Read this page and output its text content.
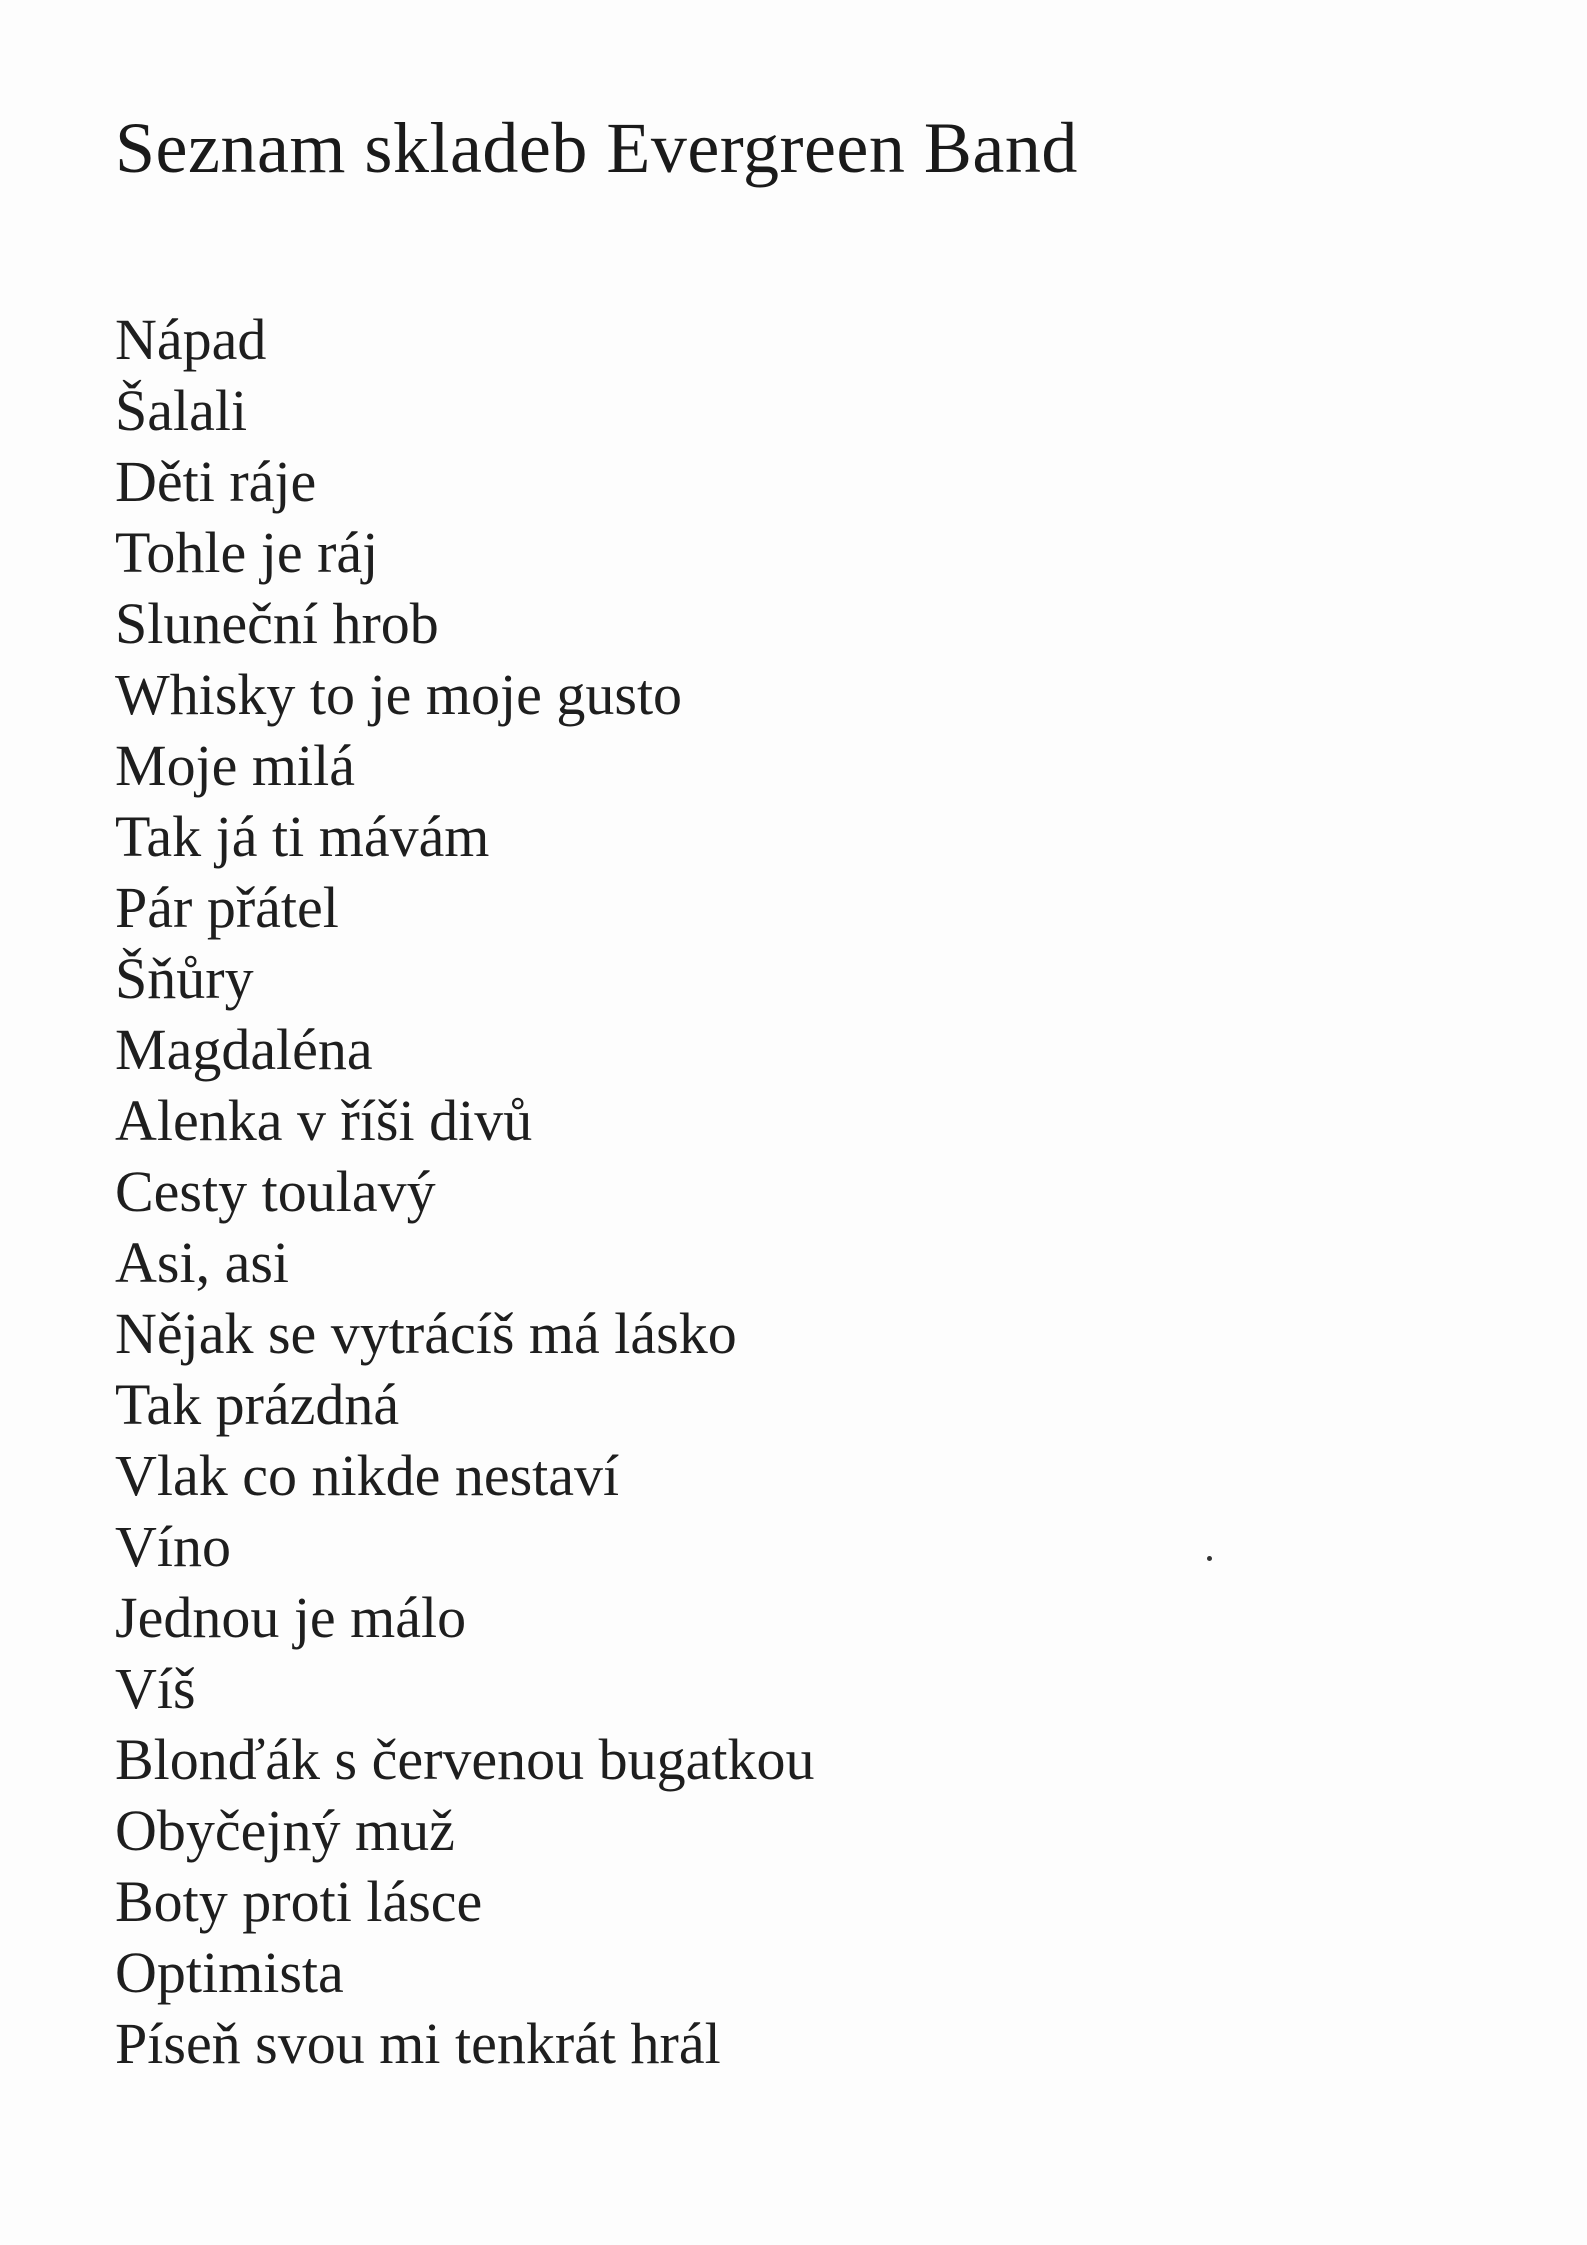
Seznam skladeb Evergreen Band
Nápad
Šalali
Děti ráje
Tohle je ráj
Sluneční hrob
Whisky to je moje gusto
Moje milá
Tak já ti mávám
Pár přátel
Šňůry
Magdaléna
Alenka v říši divů
Cesty toulavý
Asi, asi
Nějak se vytrácíš má lásko
Tak prázdná
Vlak co nikde nestaví
Víno
Jednou je málo
Víš
Blonďák s červenou bugatkou
Obyčejný muž
Boty proti lásce
Optimista
Píseň svou mi tenkrát hrál
